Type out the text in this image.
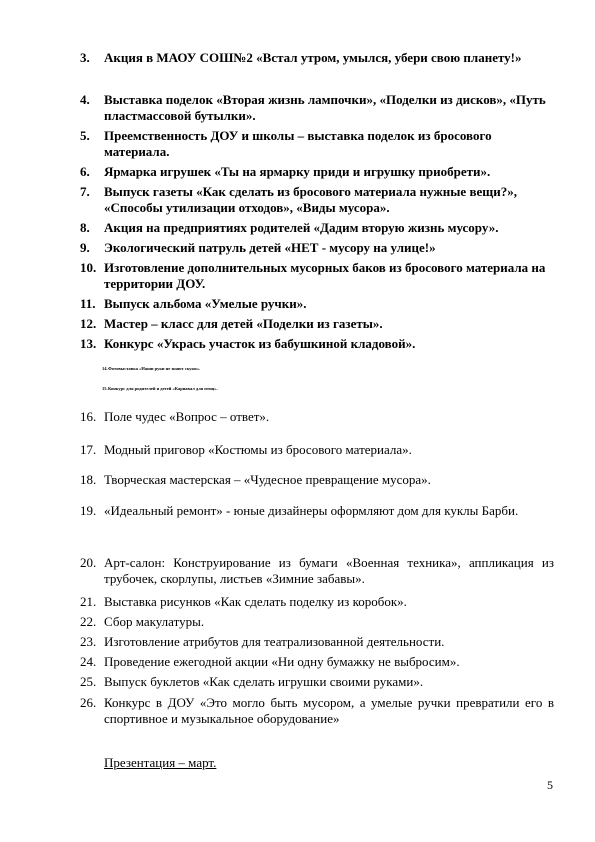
3. Акция в МАОУ СОШ№2 «Встал утром, умылся, убери свою планету!»
4. Выставка поделок «Вторая жизнь лампочки», «Поделки из дисков», «Путь пластмассовой бутылки».
5. Преемственность ДОУ и школы – выставка поделок из бросового материала.
6. Ярмарка игрушек «Ты на ярмарку приди и игрушку приобрети».
7. Выпуск газеты «Как сделать из бросового материала нужные вещи?», «Способы утилизации отходов», «Виды мусора».
8. Акция на предприятиях родителей «Дадим вторую жизнь мусору».
9. Экологический патруль детей «НЕТ - мусору на улице!»
10. Изготовление дополнительных мусорных баков из бросового материала на территории ДОУ.
11. Выпуск альбома «Умелые ручки».
12. Мастер – класс для детей «Поделки из газеты».
13. Конкурс «Укрась участок из бабушкиной кладовой».
14. Фотовыставка «Наши руки не знают скуки».
15. Конкурс для родителей и детей «Карнавал для птиц».
16. Поле чудес «Вопрос – ответ».
17. Модный приговор «Костюмы из бросового материала».
18. Творческая мастерская – «Чудесное превращение мусора».
19. «Идеальный ремонт» - юные дизайнеры оформляют дом для куклы Барби.
20. Арт-салон: Конструирование из бумаги «Военная техника», аппликация из трубочек, скорлупы, листьев «Зимние забавы».
21. Выставка рисунков «Как сделать поделку из коробок».
22. Сбор макулатуры.
23. Изготовление атрибутов для театрализованной деятельности.
24. Проведение ежегодной акции «Ни одну бумажку не выбросим».
25. Выпуск буклетов «Как сделать игрушки своими руками».
26. Конкурс в ДОУ «Это могло быть мусором, а умелые ручки превратили его в спортивное и музыкальное оборудование»
Презентация – март.
5
